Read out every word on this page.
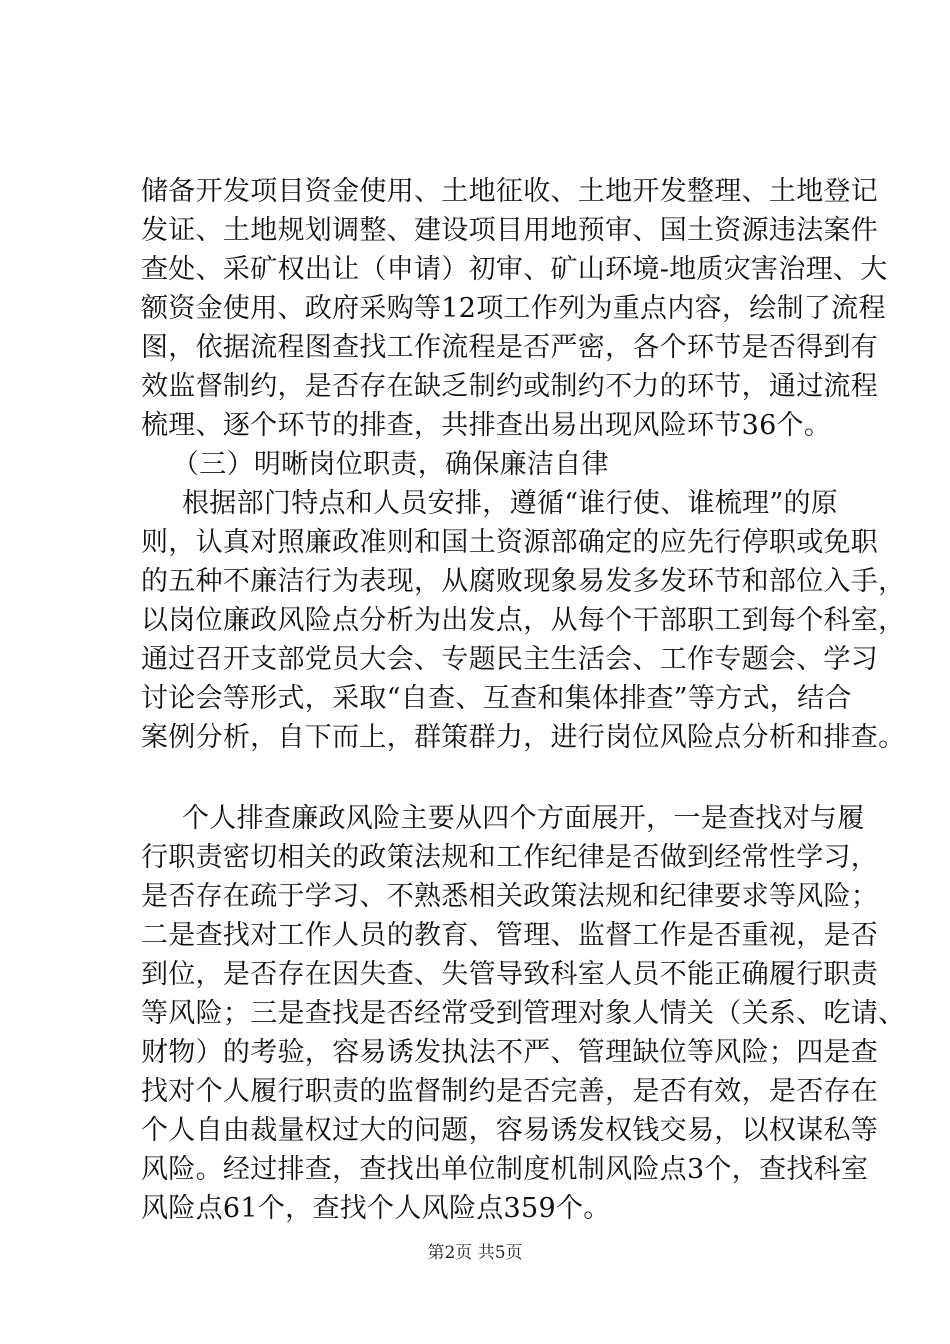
储备开发项目资金使用、土地征收、土地开发整理、土地登记
发证、土地规划调整、建设项目用地预审、国土资源违法案件
查处、采矿权出让（申请）初审、矿山环境-地质灾害治理、大
额资金使用、政府采购等12项工作列为重点内容，绘制了流程
图，依据流程图查找工作流程是否严密，各个环节是否得到有
效监督制约，是否存在缺乏制约或制约不力的环节，通过流程
梳理、逐个环节的排查，共排查出易出现风险环节36个。
（三）明晰岗位职责，确保廉洁自律
根据部门特点和人员安排，遵循“谁行使、谁梳理”的原
则，认真对照廉政准则和国土资源部确定的应先行停职或免职
的五种不廉洁行为表现，从腐败现象易发多发环节和部位入手，
以岗位廉政风险点分析为出发点，从每个干部职工到每个科室，
通过召开支部党员大会、专题民主生活会、工作专题会、学习
讨论会等形式，采取“自查、互查和集体排查”等方式，结合
案例分析，自下而上，群策群力，进行岗位风险点分析和排查。
个人排查廉政风险主要从四个方面展开，一是查找对与履
行职责密切相关的政策法规和工作纪律是否做到经常性学习，
是否存在疏于学习、不熟悉相关政策法规和纪律要求等风险；
二是查找对工作人员的教育、管理、监督工作是否重视，是否
到位，是否存在因失查、失管导致科室人员不能正确履行职责
等风险；三是查找是否经常受到管理对象人情关（关系、吃请、
财物）的考验，容易诱发执法不严、管理缺位等风险；四是查
找对个人履行职责的监督制约是否完善，是否有效，是否存在
个人自由裁量权过大的问题，容易诱发权钱交易，以权谋私等
风险。经过排查，查找出单位制度机制风险点3个，查找科室
风险点61个，查找个人风险点359个。
第2页 共5页
